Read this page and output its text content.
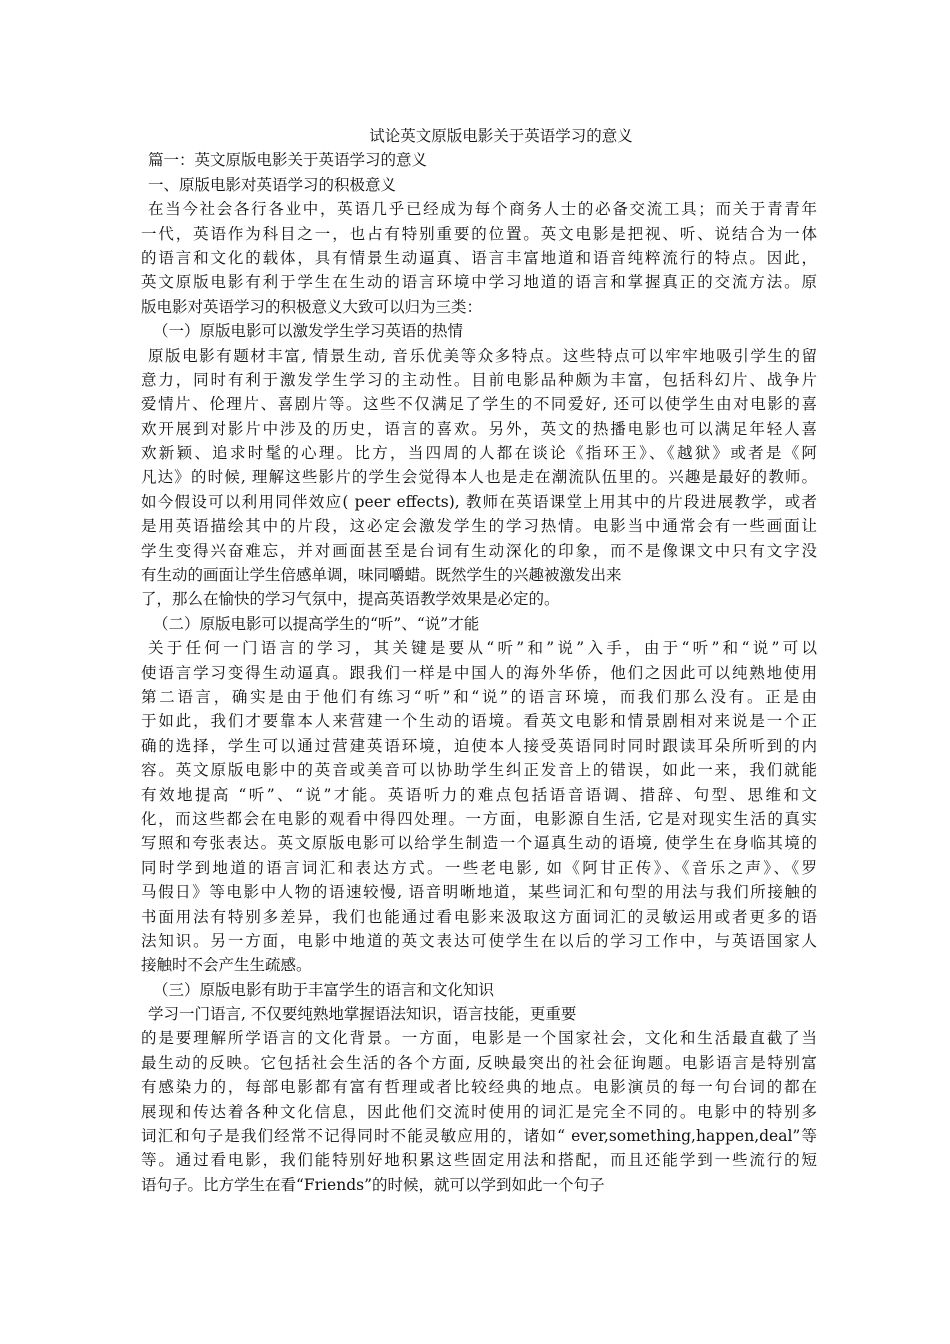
试论英文原版电影关于英语学习的意义
篇一：英文原版电影关于英语学习的意义
一、原版电影对英语学习的积极意义
在当今社会各行各业中，英语几乎已经成为每个商务人士的必备交流工具；而关于青青年
一代，英语作为科目之一，也占有特别重要的位置。英文电影是把视、听、说结合为一体
的语言和文化的载体，具有情景生动逼真、语言丰富地道和语音纯粹流行的特点。因此，
英文原版电影有利于学生在生动的语言环境中学习地道的语言和掌握真正的交流方法。原
版电影对英语学习的积极意义大致可以归为三类：
（一）原版电影可以激发学生学习英语的热情
原版电影有题材丰富, 情景生动, 音乐优美等众多特点。这些特点可以牢牢地吸引学生的留
意力，同时有利于激发学生学习的主动性。目前电影品种颇为丰富，包括科幻片、战争片
爱情片、伦理片、喜剧片等。这些不仅满足了学生的不同爱好, 还可以使学生由对电影的喜
欢开展到对影片中涉及的历史，语言的喜欢。另外，英文的热播电影也可以满足年轻人喜
欢新颖、追求时髦的心理。比方，当四周的人都在谈论《指环王》、《越狱》或者是《阿
凡达》的时候, 理解这些影片的学生会觉得本人也是走在潮流队伍里的。兴趣是最好的教师。
如今假设可以利用同伴效应( peer effects), 教师在英语课堂上用其中的片段进展教学，或者
是用英语描绘其中的片段，这必定会激发学生的学习热情。电影当中通常会有一些画面让
学生变得兴奋难忘，并对画面甚至是台词有生动深化的印象，而不是像课文中只有文字没
有生动的画面让学生倍感单调，味同嚼蜡。既然学生的兴趣被激发出来
了，那么在愉快的学习气氛中，提高英语教学效果是必定的。
（二）原版电影可以提高学生的“听”、“说”才能
关于任何一门语言的学习，其关键是要从“听”和”说”入手，由于“听”和“说”可以
使语言学习变得生动逼真。跟我们一样是中国人的海外华侨，他们之因此可以纯熟地使用
第二语言，确实是由于他们有练习“听”和“说”的语言环境，而我们那么没有。正是由
于如此，我们才要靠本人来营建一个生动的语境。看英文电影和情景剧相对来说是一个正
确的选择，学生可以通过营建英语环境，迫使本人接受英语同时同时跟读耳朵所听到的内
容。英文原版电影中的英音或美音可以协助学生纠正发音上的错误，如此一来，我们就能
有效地提高 “听”、“说”才能。英语听力的难点包括语音语调、措辞、句型、思维和文
化，而这些都会在电影的观看中得四处理。一方面，电影源自生活, 它是对现实生活的真实
写照和夸张表达。英文原版电影可以给学生制造一个逼真生动的语境, 使学生在身临其境的
同时学到地道的语言词汇和表达方式。一些老电影, 如《阿甘正传》、《音乐之声》、《罗
马假日》等电影中人物的语速较慢, 语音明晰地道，某些词汇和句型的用法与我们所接触的
书面用法有特别多差异，我们也能通过看电影来汲取这方面词汇的灵敏运用或者更多的语
法知识。另一方面，电影中地道的英文表达可使学生在以后的学习工作中，与英语国家人
接触时不会产生生疏感。
（三）原版电影有助于丰富学生的语言和文化知识
学习一门语言, 不仅要纯熟地掌握语法知识，语言技能，更重要
的是要理解所学语言的文化背景。一方面，电影是一个国家社会，文化和生活最直截了当
最生动的反映。它包括社会生活的各个方面, 反映最突出的社会征询题。电影语言是特别富
有感染力的，每部电影都有富有哲理或者比较经典的地点。电影演员的每一句台词的都在
展现和传达着各种文化信息，因此他们交流时使用的词汇是完全不同的。电影中的特别多
词汇和句子是我们经常不记得同时不能灵敏应用的，诸如“ ever,something,happen,deal”等
等。通过看电影，我们能特别好地积累这些固定用法和搭配，而且还能学到一些流行的短
语句子。比方学生在看“Friends”的时候，就可以学到如此一个句子
